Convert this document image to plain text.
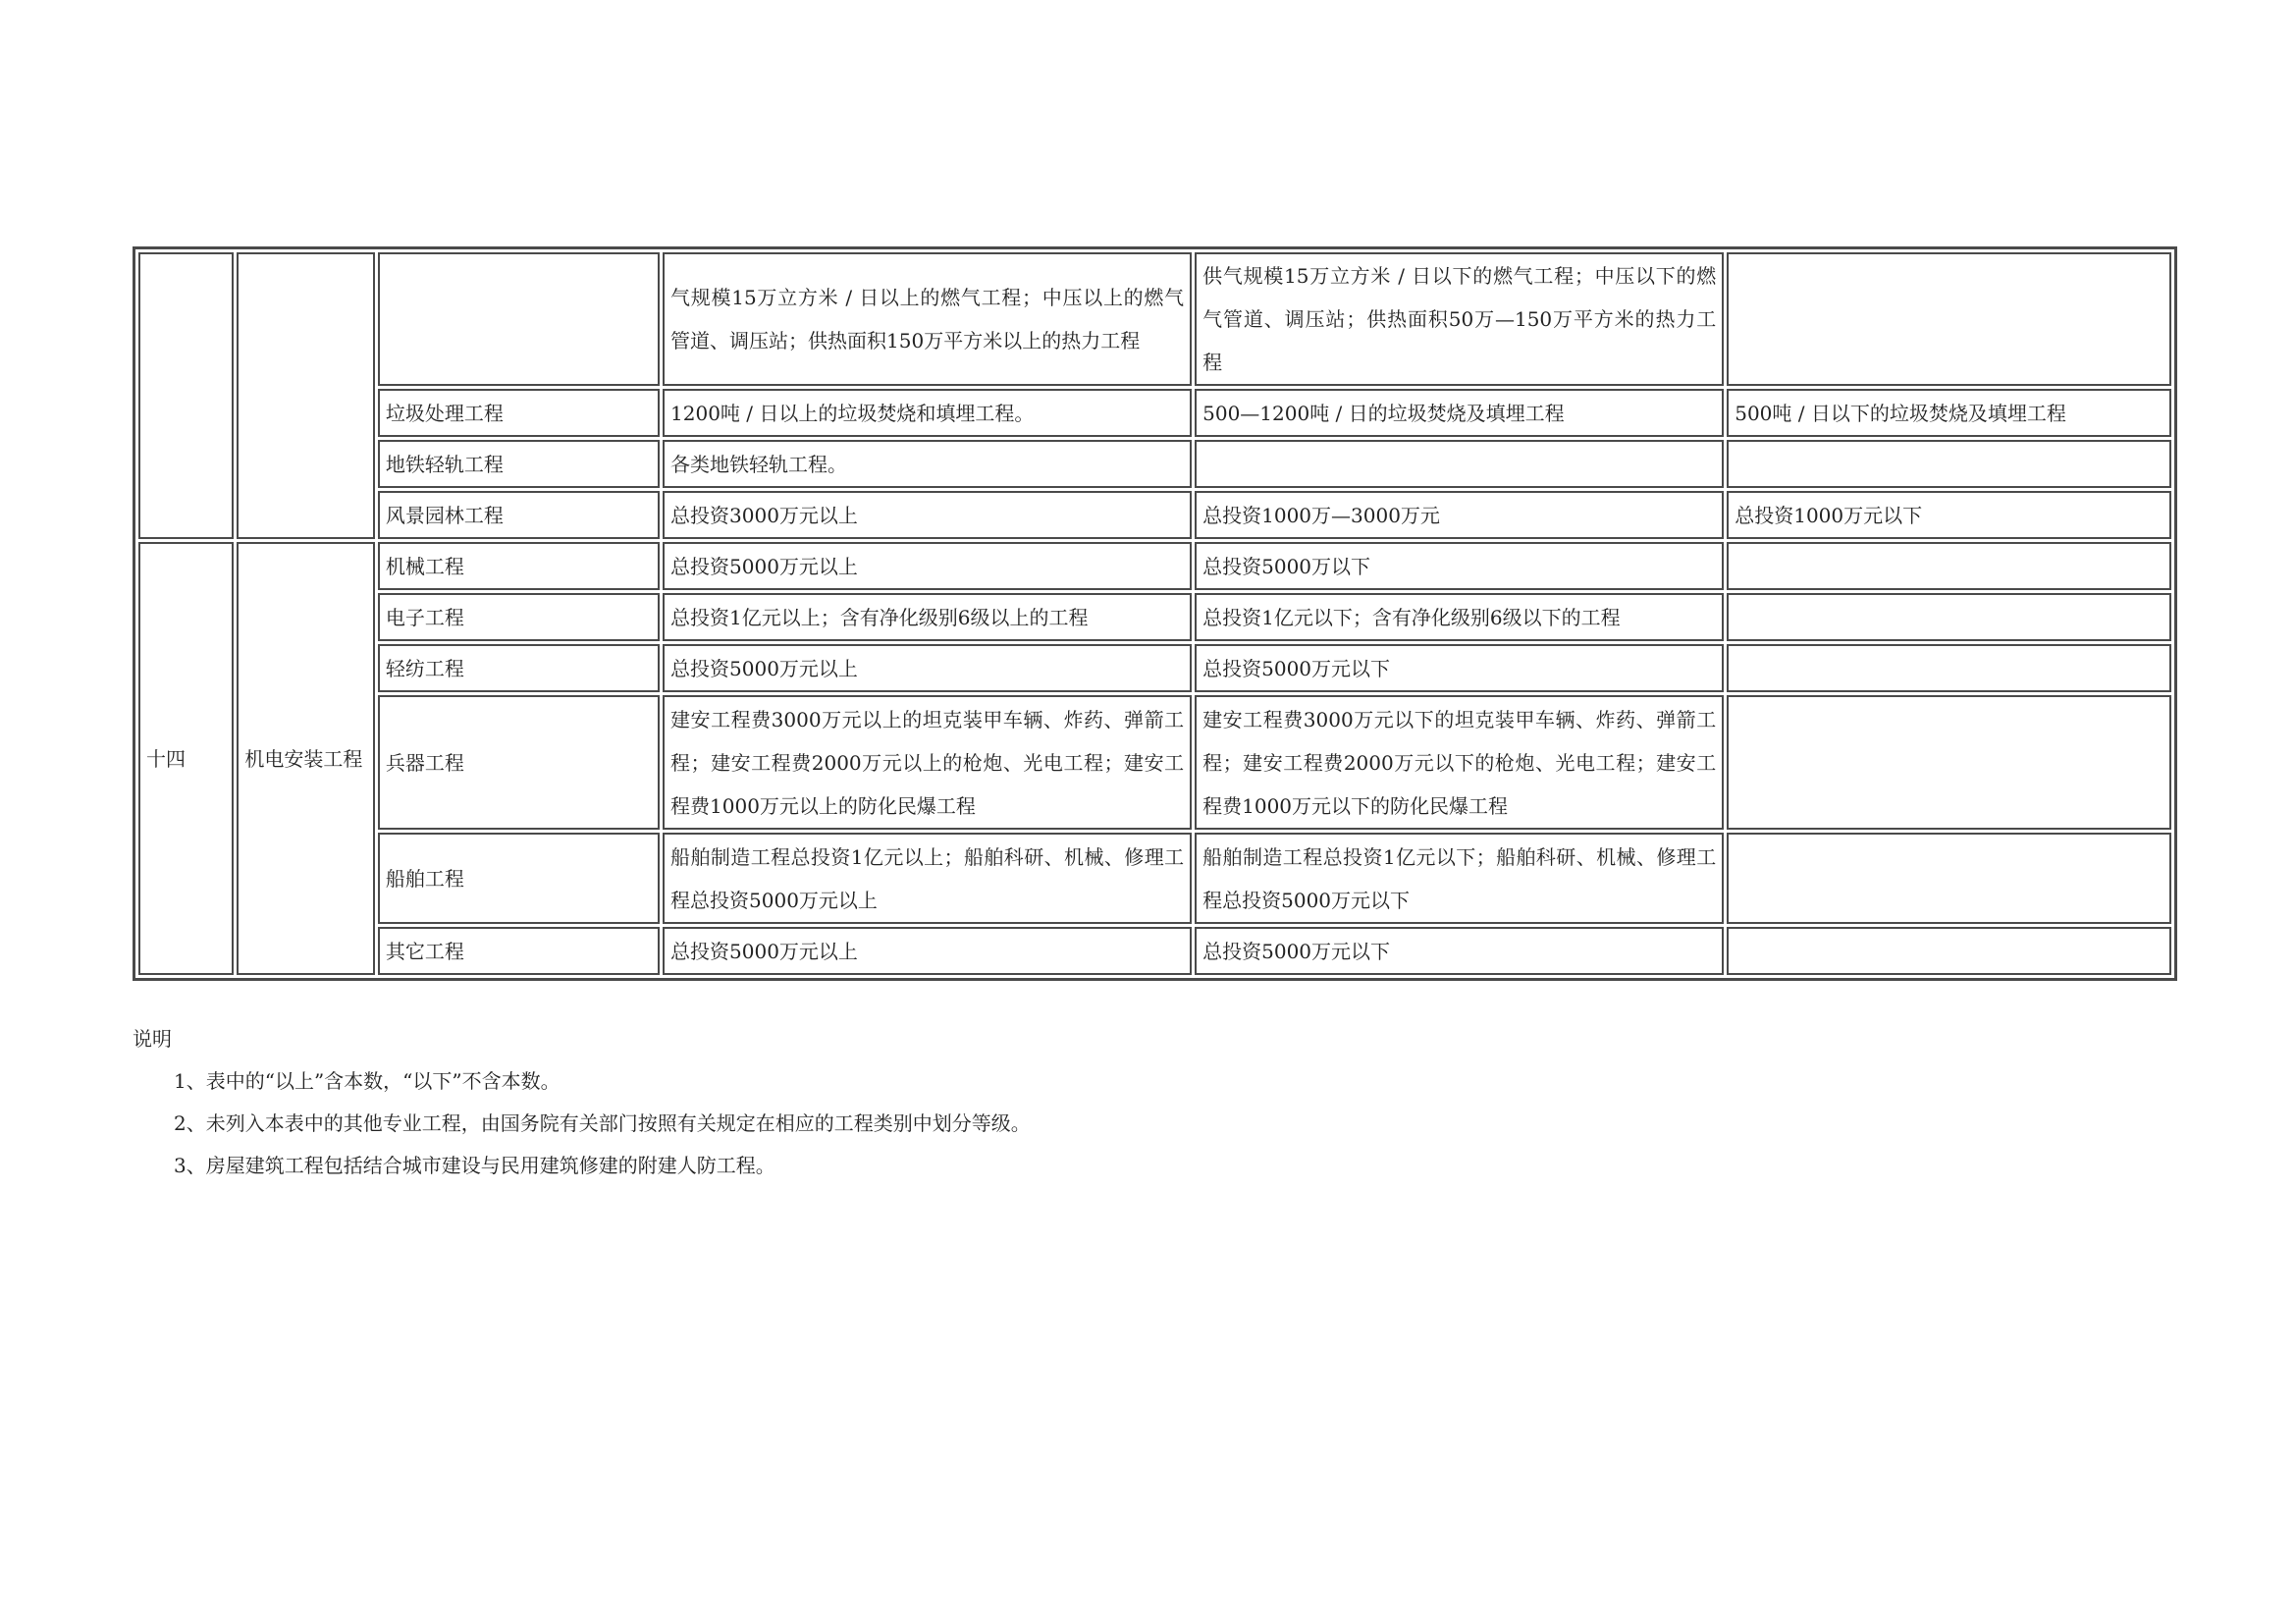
			气规模15万立方米 / 日以上的燃气工程；中压以上的燃气管道、调压站；供热面积150万平方米以上的热力工程	供气规模15万立方米 / 日以下的燃气工程；中压以下的燃气管道、调压站；供热面积50万—150万平方米的热力工程	
		垃圾处理工程	1200吨 / 日以上的垃圾焚烧和填埋工程。	500—1200吨 / 日的垃圾焚烧及填埋工程	500吨 / 日以下的垃圾焚烧及填埋工程
		地铁轻轨工程	各类地铁轻轨工程。		
		风景园林工程	总投资3000万元以上	总投资1000万—3000万元	总投资1000万元以下
十四	机电安装工程	机械工程	总投资5000万元以上	总投资5000万以下	
		电子工程	总投资1亿元以上；含有净化级别6级以上的工程	总投资1亿元以下；含有净化级别6级以下的工程	
		轻纺工程	总投资5000万元以上	总投资5000万元以下	
		兵器工程	建安工程费3000万元以上的坦克装甲车辆、炸药、弹箭工程；建安工程费2000万元以上的枪炮、光电工程；建安工程费1000万元以上的防化民爆工程	建安工程费3000万元以下的坦克装甲车辆、炸药、弹箭工程；建安工程费2000万元以下的枪炮、光电工程；建安工程费1000万元以下的防化民爆工程	
		船舶工程	船舶制造工程总投资1亿元以上；船舶科研、机械、修理工程总投资5000万元以上	船舶制造工程总投资1亿元以下；船舶科研、机械、修理工程总投资5000万元以下	
		其它工程	总投资5000万元以上	总投资5000万元以下	

说明

1、表中的“以上”含本数，“以下”不含本数。

2、未列入本表中的其他专业工程，由国务院有关部门按照有关规定在相应的工程类别中划分等级。

3、房屋建筑工程包括结合城市建设与民用建筑修建的附建人防工程。
